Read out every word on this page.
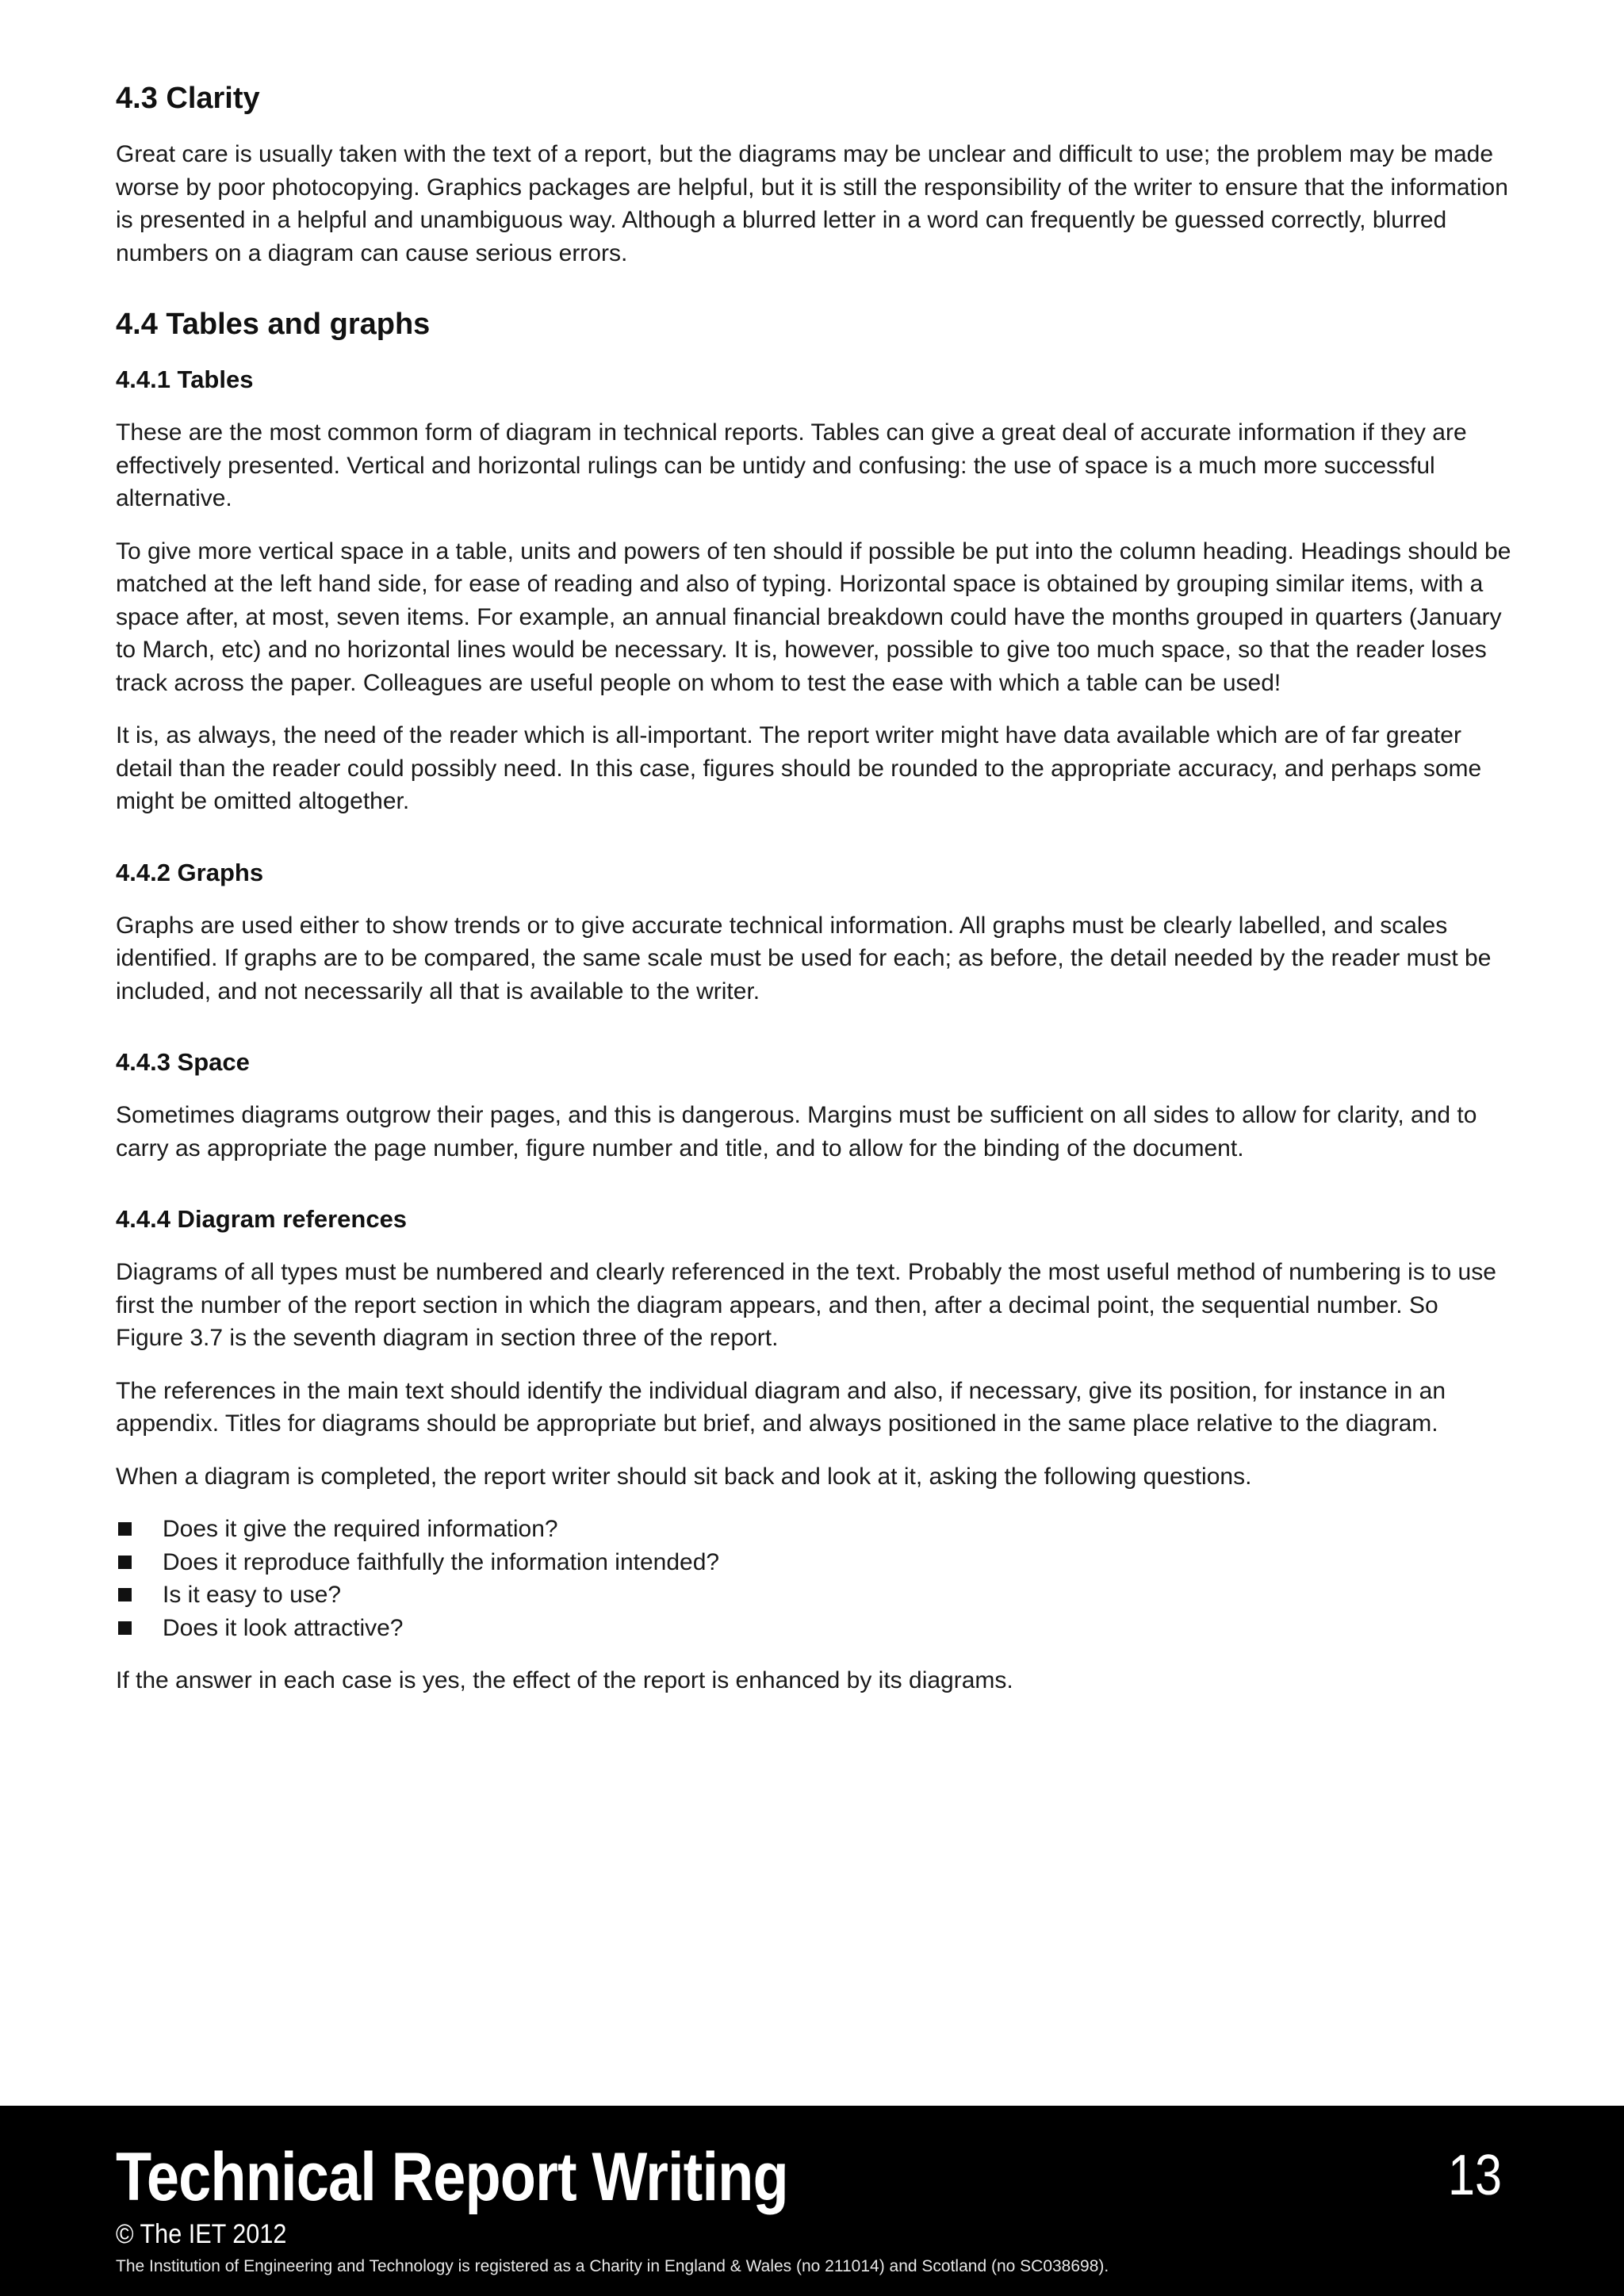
4.3 Clarity

Great care is usually taken with the text of a report, but the diagrams may be unclear and difficult to use; the problem may be made worse by poor photocopying. Graphics packages are helpful, but it is still the responsibility of the writer to ensure that the information is presented in a helpful and unambiguous way. Although a blurred letter in a word can frequently be guessed correctly, blurred numbers on a diagram can cause serious errors.

4.4 Tables and graphs
4.4.1 Tables

These are the most common form of diagram in technical reports. Tables can give a great deal of accurate information if they are effectively presented. Vertical and horizontal rulings can be untidy and confusing: the use of space is a much more successful alternative.

To give more vertical space in a table, units and powers of ten should if possible be put into the column heading. Headings should be matched at the left hand side, for ease of reading and also of typing. Horizontal space is obtained by grouping similar items, with a space after, at most, seven items. For example, an annual financial breakdown could have the months grouped in quarters (January to March, etc) and no horizontal lines would be necessary. It is, however, possible to give too much space, so that the reader loses track across the paper. Colleagues are useful people on whom to test the ease with which a table can be used!

It is, as always, the need of the reader which is all-important. The report writer might have data available which are of far greater detail than the reader could possibly need. In this case, figures should be rounded to the appropriate accuracy, and perhaps some might be omitted altogether.

4.4.2 Graphs

Graphs are used either to show trends or to give accurate technical information. All graphs must be clearly labelled, and scales identified. If graphs are to be compared, the same scale must be used for each; as before, the detail needed by the reader must be included, and not necessarily all that is available to the writer.

4.4.3 Space

Sometimes diagrams outgrow their pages, and this is dangerous. Margins must be sufficient on all sides to allow for clarity, and to carry as appropriate the page number, figure number and title, and to allow for the binding of the document.

4.4.4 Diagram references

Diagrams of all types must be numbered and clearly referenced in the text. Probably the most useful method of numbering is to use first the number of the report section in which the diagram appears, and then, after a decimal point, the sequential number. So Figure 3.7 is the seventh diagram in section three of the report.

The references in the main text should identify the individual diagram and also, if necessary, give its position, for instance in an appendix. Titles for diagrams should be appropriate but brief, and always positioned in the same place relative to the diagram.

When a diagram is completed, the report writer should sit back and look at it, asking the following questions.

Does it give the required information?
Does it reproduce faithfully the information intended?
Is it easy to use?
Does it look attractive?

If the answer in each case is yes, the effect of the report is enhanced by its diagrams.

Technical Report Writing	13
© The IET 2012
The Institution of Engineering and Technology is registered as a Charity in England & Wales (no 211014) and Scotland (no SC038698).
